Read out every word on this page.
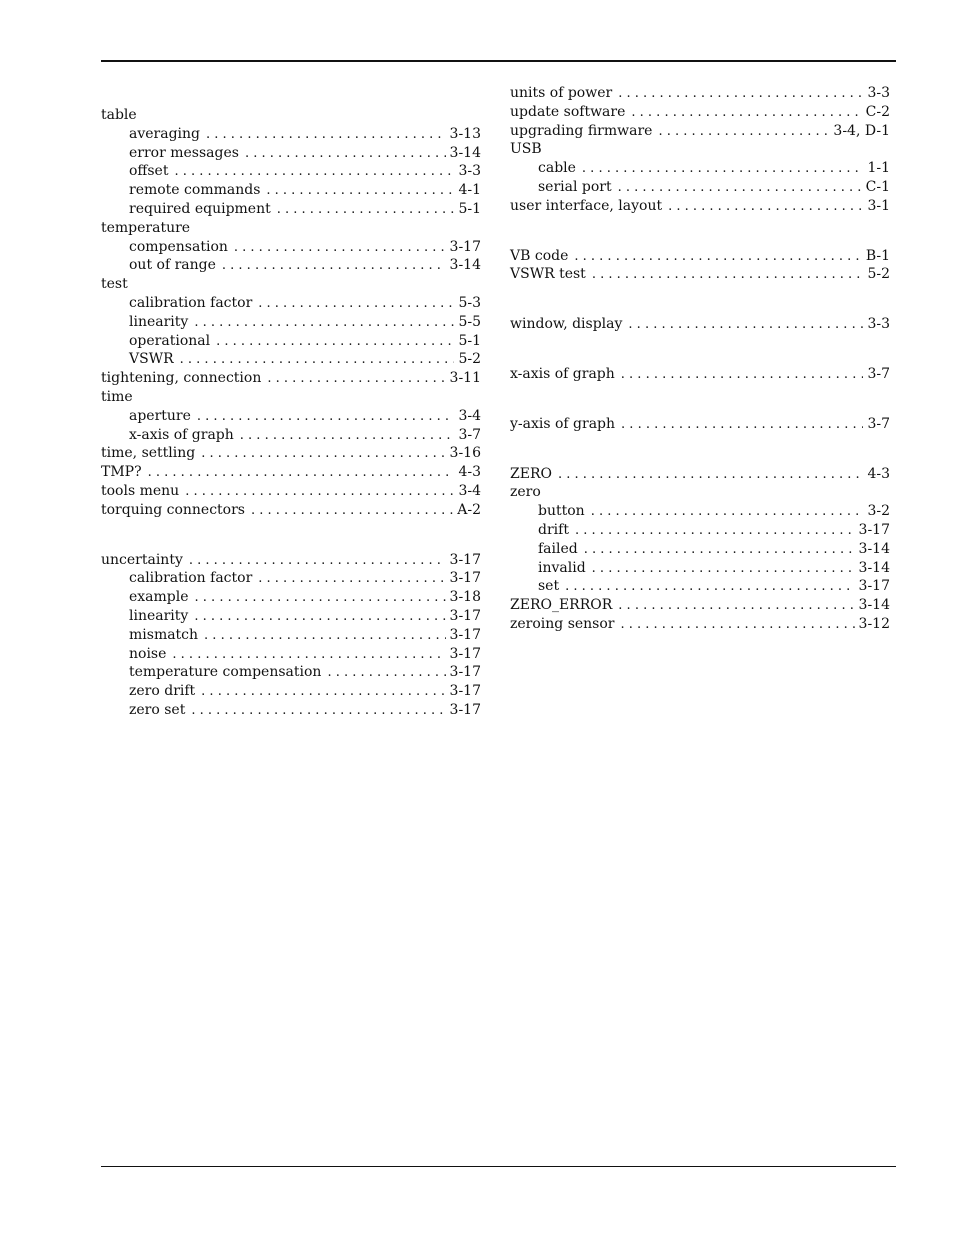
table
averaging . . .	3-13
error messages . . .	3-14
offset . . .	3-3
remote commands . . .	4-1
required equipment . . .	5-1
temperature
compensation . . .	3-17
out of range . . .	3-14
test
calibration factor . . .	5-3
linearity . . .	5-5
operational . . .	5-1
VSWR . . .	5-2
tightening, connection . . .	3-11
time
aperture . . .	3-4
x-axis of graph . . .	3-7
time, settling . . .	3-16
TMP? . . .	4-3
tools menu . . .	3-4
torquing connectors . . .	A-2
uncertainty . . .	3-17
calibration factor . . .	3-17
example . . .	3-18
linearity . . .	3-17
mismatch . . .	3-17
noise . . .	3-17
temperature compensation . . .	3-17
zero drift . . .	3-17
zero set . . .	3-17
units of power . . .	3-3
update software . . .	C-2
upgrading firmware . . .	3-4, D-1
USB
cable . . .	1-1
serial port . . .	C-1
user interface, layout . . .	3-1
VB code . . .	B-1
VSWR test . . .	5-2
window, display . . .	3-3
x-axis of graph . . .	3-7
y-axis of graph . . .	3-7
ZERO . . .	4-3
zero
button . . .	3-2
drift . . .	3-17
failed . . .	3-14
invalid . . .	3-14
set . . .	3-17
ZERO_ERROR . . .	3-14
zeroing sensor . . .	3-12
